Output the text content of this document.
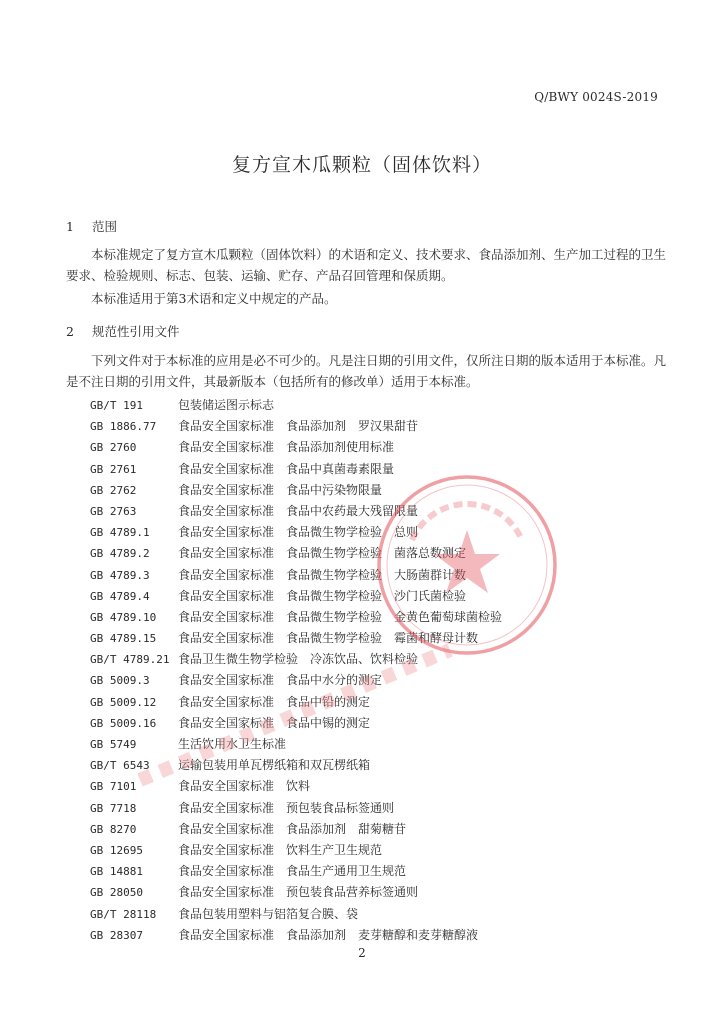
Q/BWY 0024S-2019
复方宣木瓜颗粒（固体饮料）
1 范围
本标准规定了复方宣木瓜颗粒（固体饮料）的术语和定义、技术要求、食品添加剂、生产加工过程的卫生要求、检验规则、标志、包装、运输、贮存、产品召回管理和保质期。
本标准适用于第3术语和定义中规定的产品。
2 规范性引用文件
下列文件对于本标准的应用是必不可少的。凡是注日期的引用文件，仅所注日期的版本适用于本标准。凡是不注日期的引用文件，其最新版本（包括所有的修改单）适用于本标准。
GB/T 191	包装储运图示标志
GB 1886.77 食品安全国家标准　食品添加剂　罗汉果甜苷
GB 2760	食品安全国家标准　食品添加剂使用标准
GB 2761	食品安全国家标准　食品中真菌毒素限量
GB 2762	食品安全国家标准　食品中污染物限量
GB 2763	食品安全国家标准　食品中农药最大残留限量
GB 4789.1 食品安全国家标准　食品微生物学检验　总则
GB 4789.2 食品安全国家标准　食品微生物学检验　菌落总数测定
GB 4789.3 食品安全国家标准　食品微生物学检验　大肠菌群计数
GB 4789.4 食品安全国家标准　食品微生物学检验　沙门氏菌检验
GB 4789.10 食品安全国家标准　食品微生物学检验　金黄色葡萄球菌检验
GB 4789.15 食品安全国家标准　食品微生物学检验　霉菌和酵母计数
GB/T 4789.21 食品卫生微生物学检验　冷冻饮品、饮料检验
GB 5009.3 食品安全国家标准　食品中水分的测定
GB 5009.12 食品安全国家标准　食品中铅的测定
GB 5009.16 食品安全国家标准　食品中锡的测定
GB 5749	生活饮用水卫生标准
GB/T 6543 运输包装用单瓦楞纸箱和双瓦楞纸箱
GB 7101	食品安全国家标准　饮料
GB 7718	食品安全国家标准　预包装食品标签通则
GB 8270	食品安全国家标准　食品添加剂　甜菊糖苷
GB 12695	食品安全国家标准　饮料生产卫生规范
GB 14881	食品安全国家标准　食品生产通用卫生规范
GB 28050	食品安全国家标准　预包装食品营养标签通则
GB/T 28118 食品包装用塑料与铝箔复合膜、袋
GB 28307	食品安全国家标准　食品添加剂　麦芽糖醇和麦芽糖醇液
2
